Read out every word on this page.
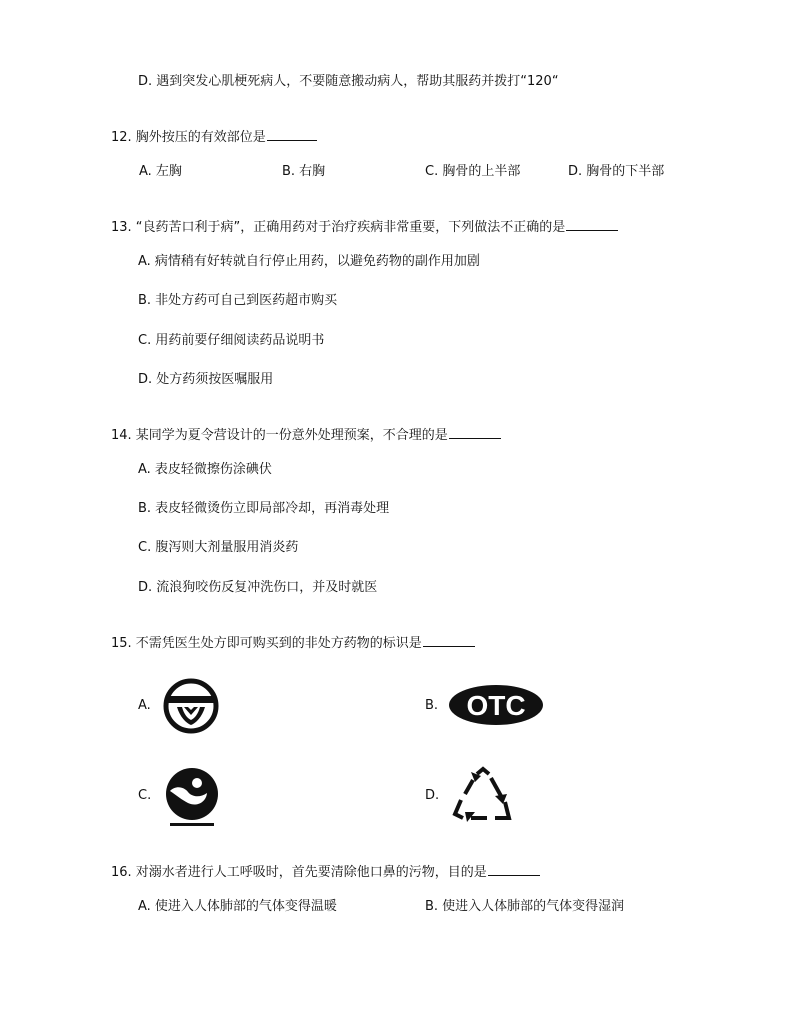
D. 遇到突发心肌梗死病人，不要随意搬动病人，帮助其服药并拨打“120“
12. 胸外按压的有效部位是
A. 左胸	B. 右胸	C. 胸骨的上半部	D. 胸骨的下半部
13. “良药苦口利于病”，正确用药对于治疗疾病非常重要，下列做法不正确的是
A. 病情稍有好转就自行停止用药，以避免药物的副作用加剧
B. 非处方药可自己到医药超市购买
C. 用药前要仔细阅读药品说明书
D. 处方药须按医嘱服用
14. 某同学为夏令营设计的一份意外处理预案，不合理的是
A. 表皮轻微擦伤涂碘伏
B. 表皮轻微烫伤立即局部冷却，再消毒处理
C. 腹泻则大剂量服用消炎药
D. 流浪狗咬伤反复冲洗伤口，并及时就医
15. 不需凭医生处方即可购买到的非处方药物的标识是
A.	B. OTC
C.	D.
16. 对溺水者进行人工呼吸时，首先要清除他口鼻的污物，目的是
A. 使进入人体肺部的气体变得温暖	B. 使进入人体肺部的气体变得湿润
